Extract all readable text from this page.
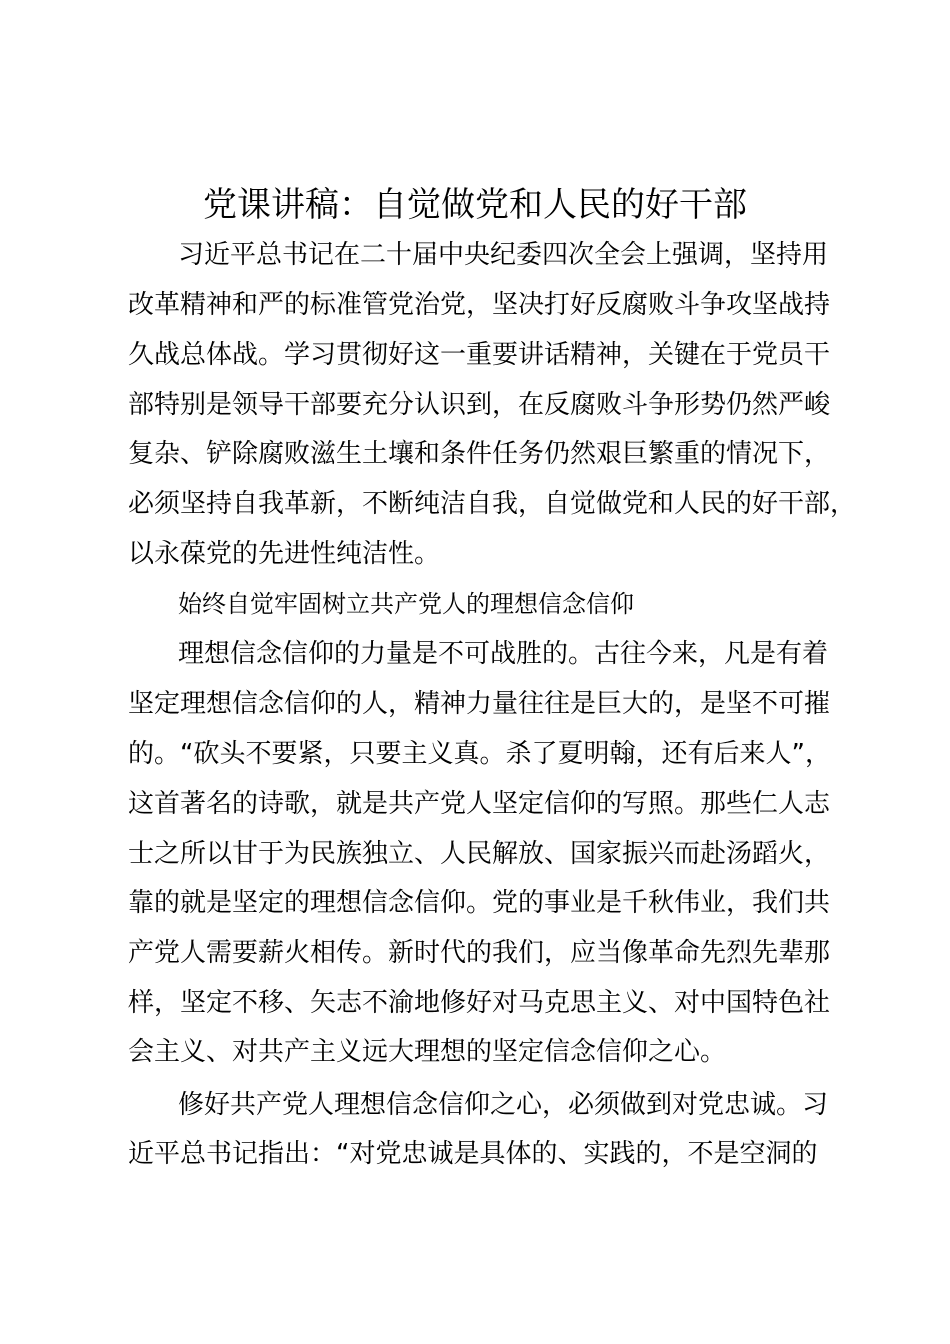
党课讲稿：自觉做党和人民的好干部
习近平总书记在二十届中央纪委四次全会上强调，坚持用
改革精神和严的标准管党治党，坚决打好反腐败斗争攻坚战持
久战总体战。学习贯彻好这一重要讲话精神，关键在于党员干
部特别是领导干部要充分认识到，在反腐败斗争形势仍然严峻
复杂、铲除腐败滋生土壤和条件任务仍然艰巨繁重的情况下，
必须坚持自我革新，不断纯洁自我，自觉做党和人民的好干部，
以永葆党的先进性纯洁性。
始终自觉牢固树立共产党人的理想信念信仰
理想信念信仰的力量是不可战胜的。古往今来，凡是有着
坚定理想信念信仰的人，精神力量往往是巨大的，是坚不可摧
的。“砍头不要紧，只要主义真。杀了夏明翰，还有后来人”，
这首著名的诗歌，就是共产党人坚定信仰的写照。那些仁人志
士之所以甘于为民族独立、人民解放、国家振兴而赴汤蹈火，
靠的就是坚定的理想信念信仰。党的事业是千秋伟业，我们共
产党人需要薪火相传。新时代的我们，应当像革命先烈先辈那
样，坚定不移、矢志不渝地修好对马克思主义、对中国特色社
会主义、对共产主义远大理想的坚定信念信仰之心。
修好共产党人理想信念信仰之心，必须做到对党忠诚。习
近平总书记指出：“对党忠诚是具体的、实践的，不是空洞的
